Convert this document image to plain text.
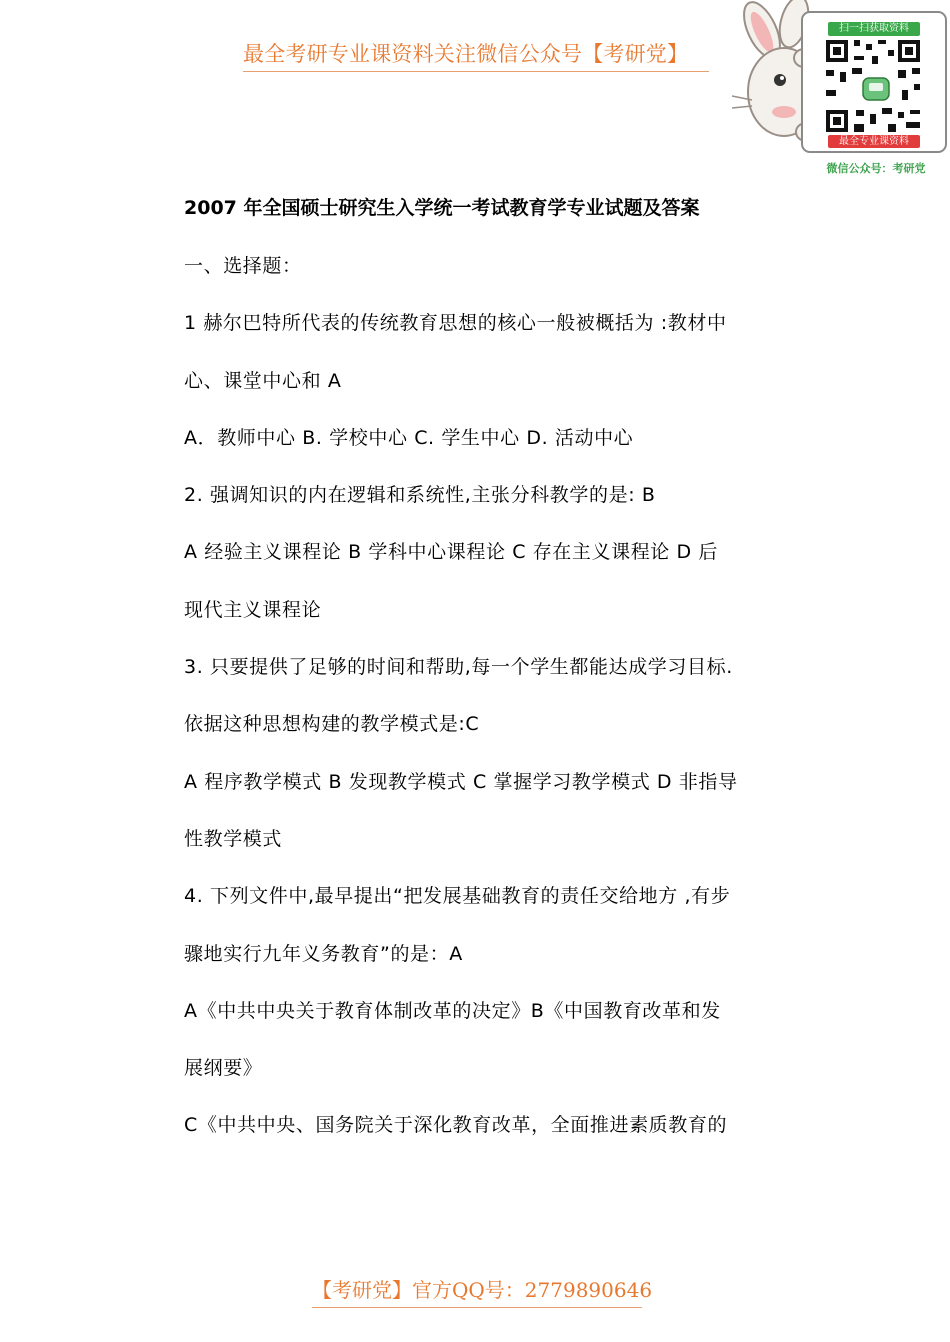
最全考研专业课资料关注微信公众号【考研党】
扫一扫获取资料
最全专业课资料
微信公众号：考研党
2007 年全国硕士研究生入学统一考试教育学专业试题及答案
一、选择题：
1 赫尔巴特所代表的传统教育思想的核心一般被概括为 :教材中
心、课堂中心和 A
A．教师中心 B. 学校中心 C. 学生中心 D. 活动中心
2. 强调知识的内在逻辑和系统性,主张分科教学的是: B
A 经验主义课程论 B 学科中心课程论 C 存在主义课程论 D 后
现代主义课程论
3. 只要提供了足够的时间和帮助,每一个学生都能达成学习目标.
依据这种思想构建的教学模式是:C
A 程序教学模式 B 发现教学模式 C 掌握学习教学模式 D 非指导
性教学模式
4. 下列文件中,最早提出“把发展基础教育的责任交给地方 ,有步
骤地实行九年义务教育”的是：A
A《中共中央关于教育体制改革的决定》B《中国教育改革和发
展纲要》
C《中共中央、国务院关于深化教育改革，全面推进素质教育的
【考研党】官方QQ号：2779890646
